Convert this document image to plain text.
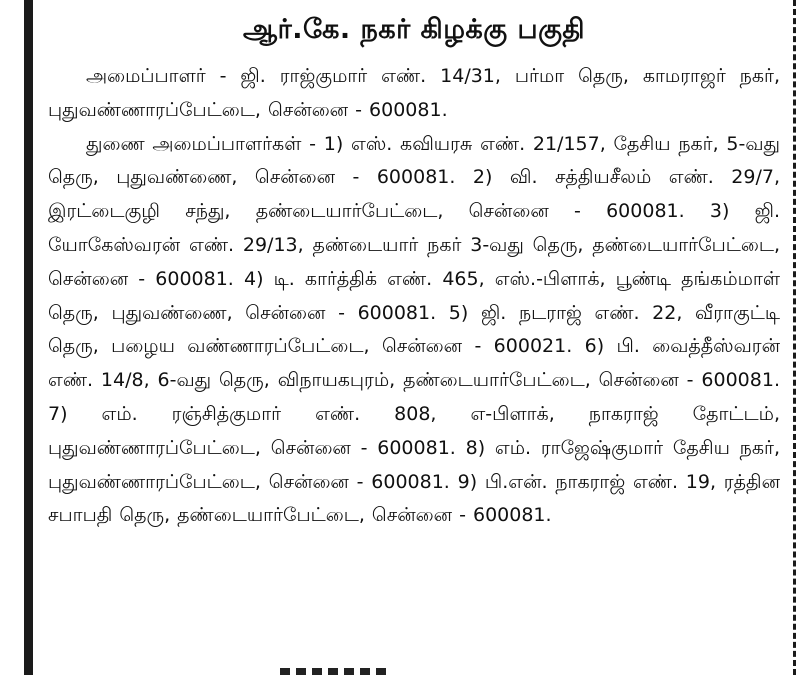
ஆர்.கே. நகர் கிழக்கு பகுதி

அமைப்பாளர் - ஜி. ராஜ்குமார் எண். 14/31, பர்மா தெரு, காமராஜர் நகர், புதுவண்ணாரப்பேட்டை, சென்னை - 600081.

துணை அமைப்பாளர்கள் - 1) எஸ். கவியரசு எண். 21/157, தேசிய நகர், 5-வது தெரு, புதுவண்ணை, சென்னை - 600081. 2) வி. சத்தியசீலம் எண். 29/7, இரட்டைகுழி சந்து, தண்டையார்பேட்டை, சென்னை - 600081. 3) ஜி. யோகேஸ்வரன் எண். 29/13, தண்டையார் நகர் 3-வது தெரு, தண்டையார்பேட்டை, சென்னை - 600081. 4) டி. கார்த்திக் எண். 465, எஸ்.-பிளாக், பூண்டி தங்கம்மாள் தெரு, புதுவண்ணை, சென்னை - 600081. 5) ஜி. நடராஜ் எண். 22, வீராகுட்டி தெரு, பழைய வண்ணாரப்பேட்டை, சென்னை - 600021. 6) பி. வைத்தீஸ்வரன் எண். 14/8, 6-வது தெரு, விநாயகபுரம், தண்டையார்பேட்டை, சென்னை - 600081. 7) எம். ரஞ்சித்குமார் எண். 808, எ-பிளாக், நாகராஜ் தோட்டம், புதுவண்ணாரப்பேட்டை, சென்னை - 600081. 8) எம். ராஜேஷ்குமார் தேசிய நகர், புதுவண்ணாரப்பேட்டை, சென்னை - 600081. 9) பி.என். நாகராஜ் எண். 19, ரத்தின சபாபதி தெரு, தண்டையார்பேட்டை, சென்னை - 600081.
